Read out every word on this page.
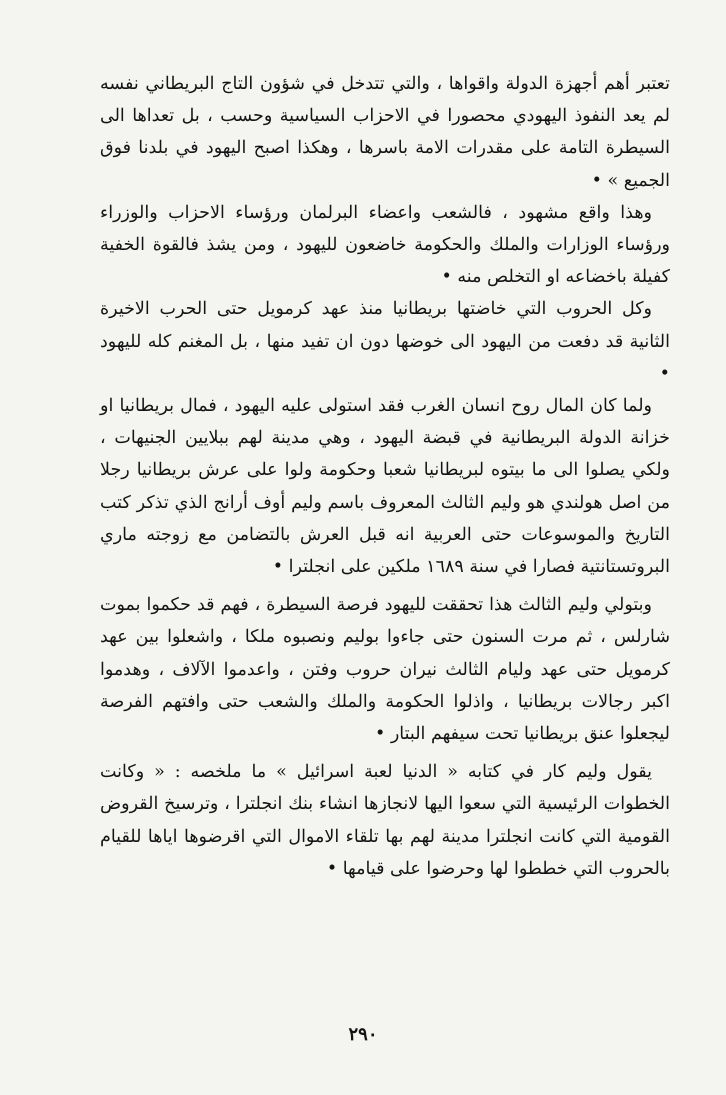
تعتبر أهم أجهزة الدولة واقواها ، والتي تتدخل في شؤون التاج البريطاني نفسه لم يعد النفوذ اليهودي محصورا في الاحزاب السياسية وحسب ، بل تعداها الى السيطرة التامة على مقدرات الامة باسرها ، وهكذا اصبح اليهود في بلدنا فوق الجميع » •

وهذا واقع مشهود ، فالشعب واعضاء البرلمان ورؤساء الاحزاب والوزراء ورؤساء الوزارات والملك والحكومة خاضعون لليهود ، ومن يشذ فالقوة الخفية كفيلة باخضاعه او التخلص منه •

وكل الحروب التي خاضتها بريطانيا منذ عهد كرمويل حتى الحرب الاخيرة الثانية قد دفعت من اليهود الى خوضها دون ان تفيد منها ، بل المغنم كله لليهود •

ولما كان المال روح انسان الغرب فقد استولى عليه اليهود ، فمال بريطانيا او خزانة الدولة البريطانية في قبضة اليهود ، وهي مدينة لهم ببلايين الجنيهات ، ولكي يصلوا الى ما بيتوه لبريطانيا شعبا وحكومة ولوا على عرش بريطانيا رجلا من اصل هولندي هو وليم الثالث المعروف باسم وليم أوف أرانج الذي تذكر كتب التاريخ والموسوعات حتى العربية انه قبل العرش بالتضامن مع زوجته ماري البروتستانتية فصارا في سنة ١٦٨٩ ملكين على انجلترا •

وبتولي وليم الثالث هذا تحققت لليهود فرصة السيطرة ، فهم قد حكموا بموت شارلس ، ثم مرت السنون حتى جاءوا بوليم ونصبوه ملكا ، واشعلوا بين عهد كرمويل حتى عهد وليام الثالث نيران حروب وفتن ، واعدموا الآلاف ، وهدموا اكبر رجالات بريطانيا ، واذلوا الحكومة والملك والشعب حتى وافتهم الفرصة ليجعلوا عنق بريطانيا تحت سيفهم البتار •

يقول وليم كار في كتابه « الدنيا لعبة اسرائيل » ما ملخصه : « وكانت الخطوات الرئيسية التي سعوا اليها لانجازها انشاء بنك انجلترا ، وترسيخ القروض القومية التي كانت انجلترا مدينة لهم بها تلقاء الاموال التي اقرضوها اياها للقيام بالحروب التي خططوا لها وحرضوا على قيامها •

٢٩٠
